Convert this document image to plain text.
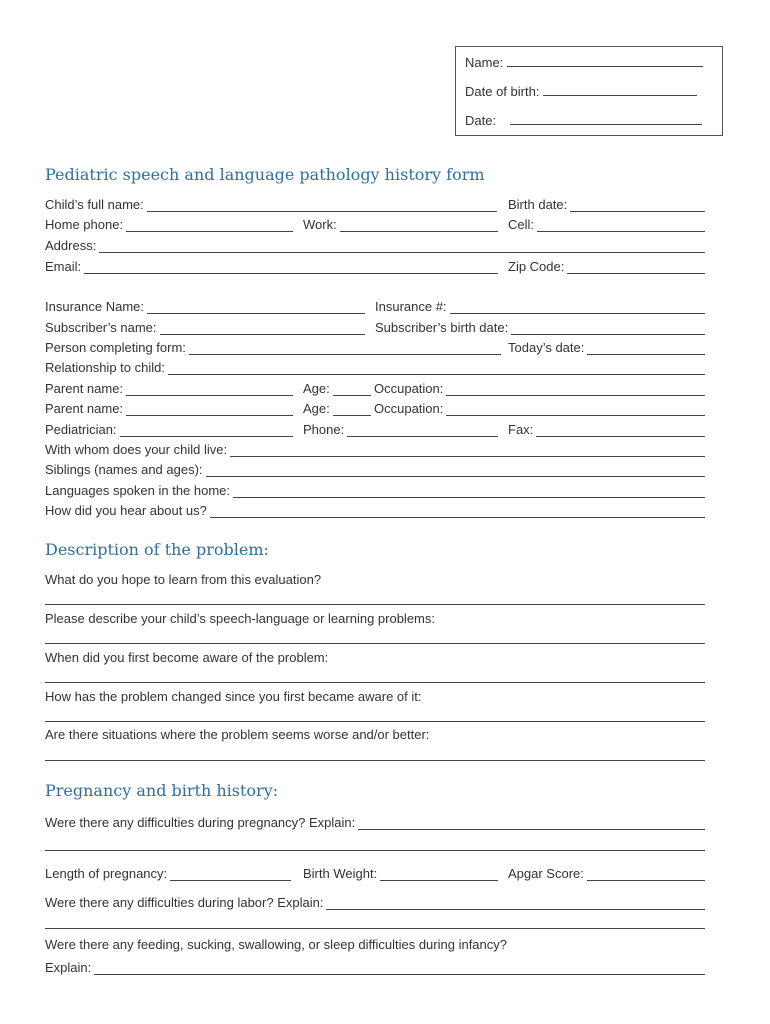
Name:
Date of birth:
Date:
Pediatric speech and language pathology history form
Child’s full name:	Birth date:
Home phone:	Work:	Cell:
Address:
Email:	Zip Code:
Insurance Name:	Insurance #:
Subscriber’s name:	Subscriber’s birth date:
Person completing form:	Today’s date:
Relationship to child:
Parent name:	Age:	Occupation:
Parent name:	Age:	Occupation:
Pediatrician:	Phone:	Fax:
With whom does your child live:
Siblings (names and ages):
Languages spoken in the home:
How did you hear about us?
Description of the problem:
What do you hope to learn from this evaluation?
Please describe your child’s speech-language or learning problems:
When did you first become aware of the problem:
How has the problem changed since you first became aware of it:
Are there situations where the problem seems worse and/or better:
Pregnancy and birth history:
Were there any difficulties during pregnancy? Explain:
Length of pregnancy:	Birth Weight:	Apgar Score:
Were there any difficulties during labor? Explain:
Were there any feeding, sucking, swallowing, or sleep difficulties during infancy?
Explain:
